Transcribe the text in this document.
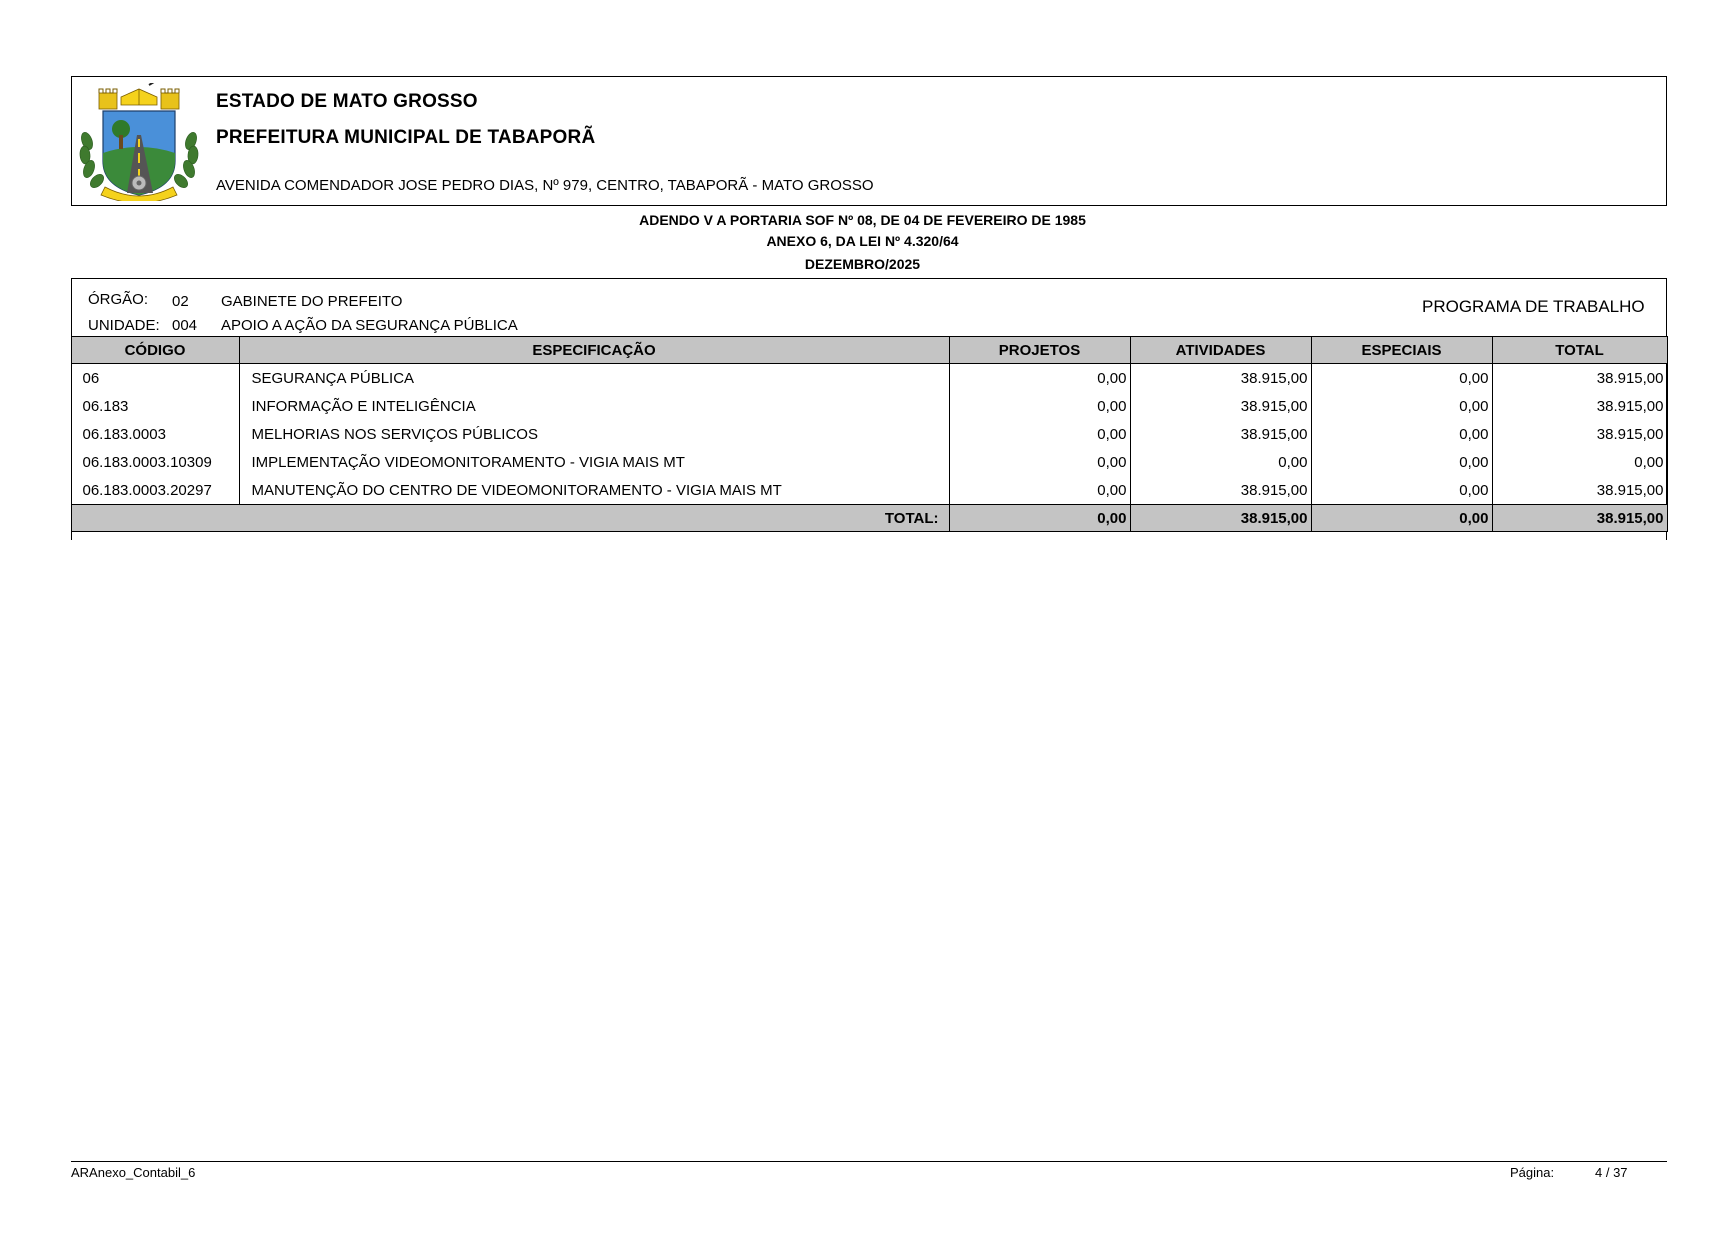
ESTADO DE MATO GROSSO
PREFEITURA MUNICIPAL DE TABAPORÃ
AVENIDA COMENDADOR JOSE PEDRO DIAS, Nº 979, CENTRO, TABAPORÃ - MATO GROSSO
ADENDO V A PORTARIA SOF Nº 08, DE 04 DE FEVEREIRO DE 1985
ANEXO 6, DA LEI Nº 4.320/64
DEZEMBRO/2025
ÓRGÃO: 02 GABINETE DO PREFEITO
UNIDADE: 004 APOIO A AÇÃO DA SEGURANÇA PÚBLICA
PROGRAMA DE TRABALHO
CÓDIGO	ESPECIFICAÇÃO	PROJETOS	ATIVIDADES	ESPECIAIS	TOTAL
06	SEGURANÇA PÚBLICA	0,00	38.915,00	0,00	38.915,00
06.183	INFORMAÇÃO E INTELIGÊNCIA	0,00	38.915,00	0,00	38.915,00
06.183.0003	MELHORIAS NOS SERVIÇOS PÚBLICOS	0,00	38.915,00	0,00	38.915,00
06.183.0003.10309	IMPLEMENTAÇÃO VIDEOMONITORAMENTO - VIGIA MAIS MT	0,00	0,00	0,00	0,00
06.183.0003.20297	MANUTENÇÃO DO CENTRO DE VIDEOMONITORAMENTO - VIGIA MAIS MT	0,00	38.915,00	0,00	38.915,00
TOTAL:		0,00	38.915,00	0,00	38.915,00
ARAnexo_Contabil_6	Página:	4 / 37
